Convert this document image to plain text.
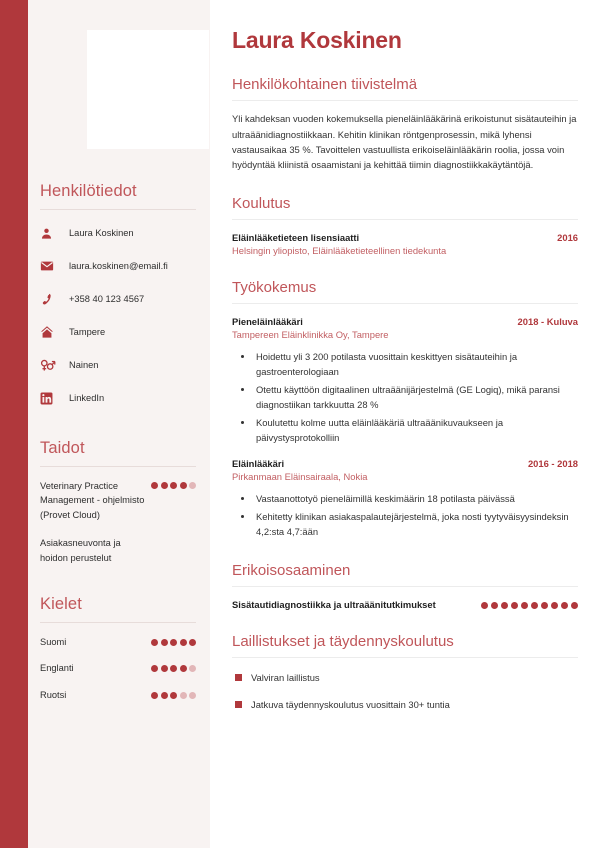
Henkilötiedot
Laura Koskinen
laura.koskinen@email.fi
+358 40 123 4567
Tampere
Nainen
LinkedIn
Taidot
Veterinary Practice Management - ohjelmisto (Provet Cloud)
Asiakasneuvonta ja hoidon perustelut
Kielet
Suomi
Englanti
Ruotsi
Laura Koskinen
Henkilökohtainen tiivistelmä

Yli kahdeksan vuoden kokemuksella pieneläinlääkärinä erikoistunut sisätauteihin ja ultraäänidiagnostiikkaan. Kehitin klinikan röntgenprosessin, mikä lyhensi vastausaikaa 35 %. Tavoittelen vastuullista erikoiseläinlääkärin roolia, jossa voin hyödyntää kliinistä osaamistani ja kehittää tiimin diagnostiikkakäytäntöjä.

Koulutus
Eläinlääketieteen lisensiaatti	2016
Helsingin yliopisto, Eläinlääketieteellinen tiedekunta
Työkokemus
Pieneläinlääkäri	2018 - Kuluva
Tampereen Eläinklinikka Oy, Tampere
• Hoidettu yli 3 200 potilasta vuosittain keskittyen sisätauteihin ja gastroenterologiaan
• Otettu käyttöön digitaalinen ultraäänijärjestelmä (GE Logiq), mikä paransi diagnostiikan tarkkuutta 28 %
• Koulutettu kolme uutta eläinlääkäriä ultraäänikuvaukseen ja päivystysprotokolliin
Eläinlääkäri	2016 - 2018
Pirkanmaan Eläinsairaala, Nokia
• Vastaanottotyö pieneläimillä keskimäärin 18 potilasta päivässä
• Kehitetty klinikan asiakaspalautejärjestelmä, joka nosti tyytyväisyysindeksin 4,2:sta 4,7:ään
Erikoisosaaminen
Sisätautidiagnostiikka ja ultraäänitutkimukset
Laillistukset ja täydennyskoulutus
Valviran laillistus
Jatkuva täydennyskoulutus vuosittain 30+ tuntia
